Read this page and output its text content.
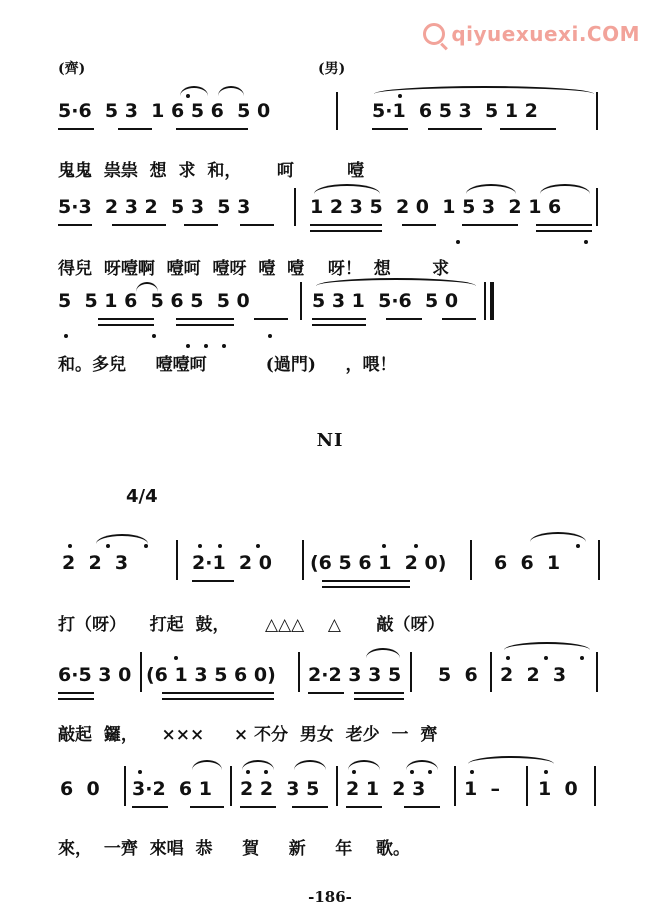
qiyuexuexi.COM
(齊)	(男)
5·6  5 3  1 6 5 6  5 0	5·1  6 5 3  5 1 2
鬼鬼  祟祟  想  求  和，      呵         噎
5·3  2 3 2  5 3  5 3	1 2 3 5  2 0  1 5 3  2 1 6
得兒  呀噎啊  噎呵  噎呀  噎  噎    呀！  想       求
5  5 1 6  5 6 5  5 0	5 3 1  5·6  5 0
和。多兒     噎噎呵          (過門)     ，喂！
NI
4/4
2  2  3	2·1  2 0 (6 5 6 1  2 0)	6  6  1
打（呀）    打起  鼓，      △△△    △      敲（呀）
6·5 3 0 (6 1 3 5 6 0) 2·2 3 3 5 5  6 2  2  3
敲起  鑼，    ×××     × 不分  男女  老少  一  齊
6  0 3·2  6 1 2 2  3 5 2 1  2 3 1  – 1  0
來，  一齊  來唱  恭     賀     新     年    歌。
-186-
